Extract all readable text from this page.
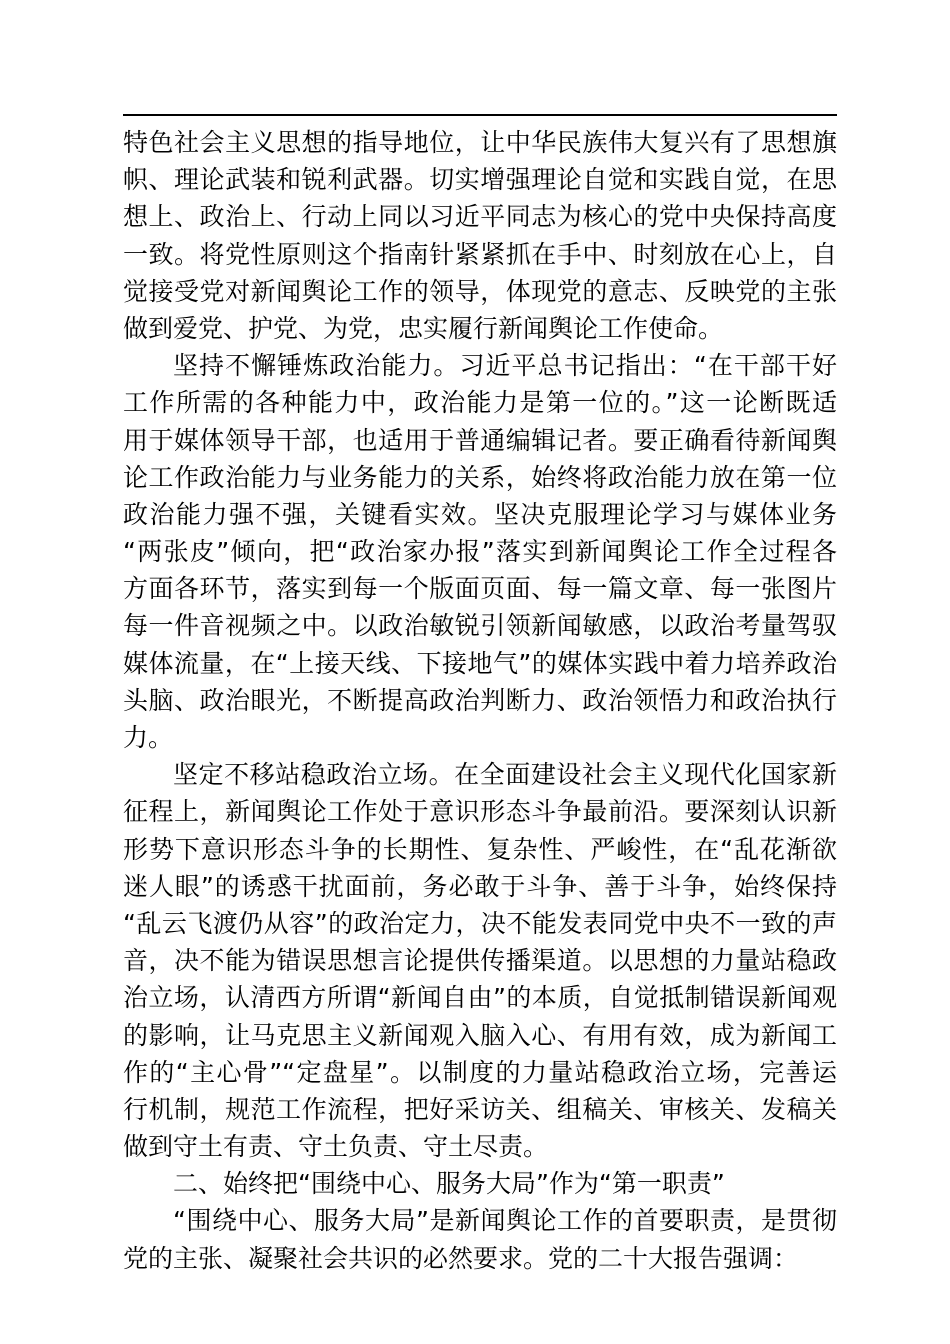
特色社会主义思想的指导地位，让中华民族伟大复兴有了思想旗
帜、理论武装和锐利武器。切实增强理论自觉和实践自觉，在思
想上、政治上、行动上同以习近平同志为核心的党中央保持高度
一致。将党性原则这个指南针紧紧抓在手中、时刻放在心上，自
觉接受党对新闻舆论工作的领导，体现党的意志、反映党的主张
做到爱党、护党、为党，忠实履行新闻舆论工作使命。
坚持不懈锤炼政治能力。习近平总书记指出：“在干部干好
工作所需的各种能力中，政治能力是第一位的。”这一论断既适
用于媒体领导干部，也适用于普通编辑记者。要正确看待新闻舆
论工作政治能力与业务能力的关系，始终将政治能力放在第一位
政治能力强不强，关键看实效。坚决克服理论学习与媒体业务
“两张皮”倾向，把“政治家办报”落实到新闻舆论工作全过程各
方面各环节，落实到每一个版面页面、每一篇文章、每一张图片
每一件音视频之中。以政治敏锐引领新闻敏感，以政治考量驾驭
媒体流量，在“上接天线、下接地气”的媒体实践中着力培养政治
头脑、政治眼光，不断提高政治判断力、政治领悟力和政治执行
力。
坚定不移站稳政治立场。在全面建设社会主义现代化国家新
征程上，新闻舆论工作处于意识形态斗争最前沿。要深刻认识新
形势下意识形态斗争的长期性、复杂性、严峻性，在“乱花渐欲
迷人眼”的诱惑干扰面前，务必敢于斗争、善于斗争，始终保持
“乱云飞渡仍从容”的政治定力，决不能发表同党中央不一致的声
音，决不能为错误思想言论提供传播渠道。以思想的力量站稳政
治立场，认清西方所谓“新闻自由”的本质，自觉抵制错误新闻观
的影响，让马克思主义新闻观入脑入心、有用有效，成为新闻工
作的“主心骨”“定盘星”。以制度的力量站稳政治立场，完善运
行机制，规范工作流程，把好采访关、组稿关、审核关、发稿关
做到守土有责、守土负责、守土尽责。
二、始终把“围绕中心、服务大局”作为“第一职责”
“围绕中心、服务大局”是新闻舆论工作的首要职责，是贯彻
党的主张、凝聚社会共识的必然要求。党的二十大报告强调：
